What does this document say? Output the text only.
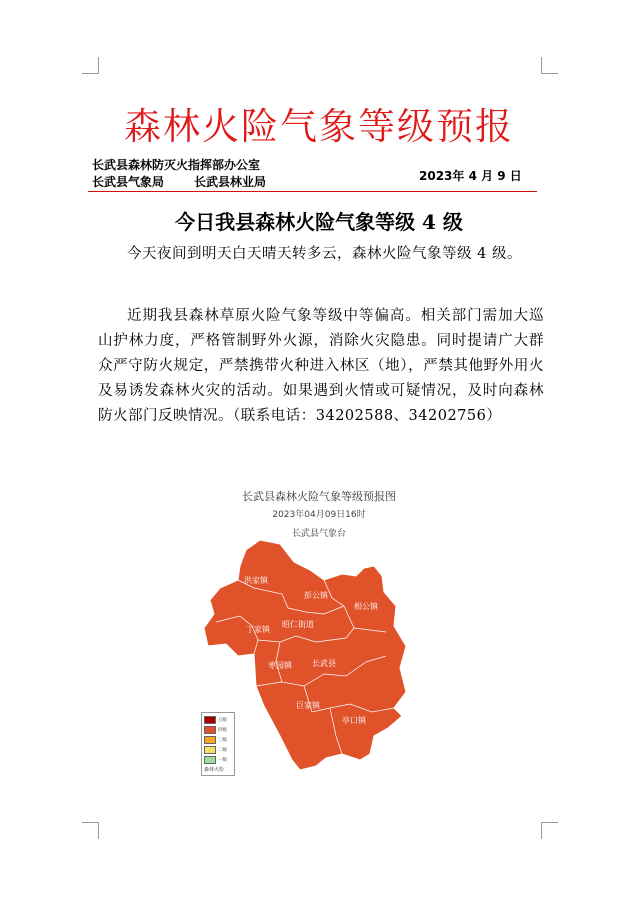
森林火险气象等级预报
长武县森林防灭火指挥部办公室
长武县气象局 长武县林业局	2023年 4 月 9 日
今日我县森林火险气象等级 4 级
今天夜间到明天白天晴天转多云，森林火险气象等级 4 级。
近期我县森林草原火险气象等级中等偏高。相关部门需加大巡山护林力度，严格管制野外火源，消除火灾隐患。同时提请广大群众严守防火规定，严禁携带火种进入林区（地），严禁其他野外用火及易诱发森林火灾的活动。如果遇到火情或可疑情况，及时向森林防火部门反映情况。（联系电话：34202588、34202756）
长武县森林火险气象等级预报图
2023年04月09日16时
长武县气象台
洪家镇
彭公镇
相公镇
丁家镇
昭仁街道
枣园镇	长武县
巨家镇
亭口镇
五级
四级
三级
二级
一级
森林火险
